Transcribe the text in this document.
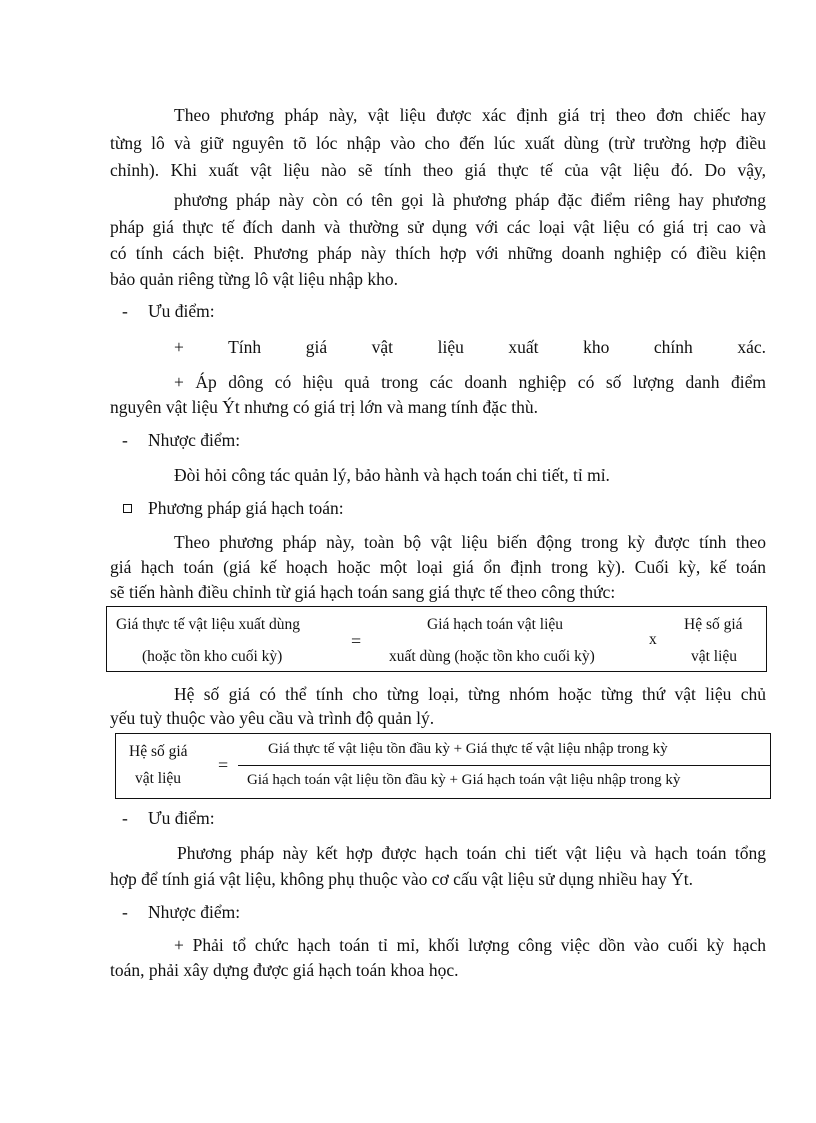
Theo phương pháp này, vật liệu được xác định giá trị theo đơn chiếc hay
từng lô và giữ nguyên tõ lóc nhập vào cho đến lúc xuất dùng (trừ trường hợp điều
chỉnh). Khi xuất vật liệu nào sẽ tính theo giá thực tế của vật liệu đó. Do vậy,
phương pháp này còn có tên gọi là phương pháp đặc điểm riêng hay phương
pháp giá thực tế đích danh và thường sử dụng với các loại vật liệu có giá trị cao và
có tính cách biệt. Phương pháp này thích hợp với những doanh nghiệp có điều kiện
bảo quản riêng từng lô vật liệu nhập kho.
- Ưu điểm:
+ Tính giá vật liệu xuất kho chính xác.
+ Áp dông có hiệu quả trong các doanh nghiệp có số lượng danh điểm
nguyên vật liệu Ýt nhưng có giá trị lớn và mang tính đặc thù.
- Nhược điểm:
Đòi hỏi công tác quản lý, bảo hành và hạch toán chi tiết, tỉ mỉ.
Phương pháp giá hạch toán:
Theo phương pháp này, toàn bộ vật liệu biến động trong kỳ được tính theo
giá hạch toán (giá kế hoạch hoặc một loại giá ổn định trong kỳ). Cuối kỳ, kế toán
sẽ tiến hành điều chỉnh từ giá hạch toán sang giá thực tế theo công thức:
Giá thực tế vật liệu xuất dùng
(hoặc tồn kho cuối kỳ)
=
Giá hạch toán vật liệu
xuất dùng (hoặc tồn kho cuối kỳ)
x
Hệ số giá
vật liệu
Hệ số giá có thể tính cho từng loại, từng nhóm hoặc từng thứ vật liệu chủ
yếu tuỳ thuộc vào yêu cầu và trình độ quản lý.
Hệ số giá
vật liệu
=
Giá thực tế vật liệu tồn đầu kỳ + Giá thực tế vật liệu nhập trong kỳ
Giá hạch toán vật liệu tồn đầu kỳ + Giá hạch toán vật liệu nhập trong kỳ
- Ưu điểm:
Phương pháp này kết hợp được hạch toán chi tiết vật liệu và hạch toán tổng
hợp để tính giá vật liệu, không phụ thuộc vào cơ cấu vật liệu sử dụng nhiều hay Ýt.
- Nhược điểm:
+ Phải tổ chức hạch toán tỉ mỉ, khối lượng công việc dồn vào cuối kỳ hạch
toán, phải xây dựng được giá hạch toán khoa học.
